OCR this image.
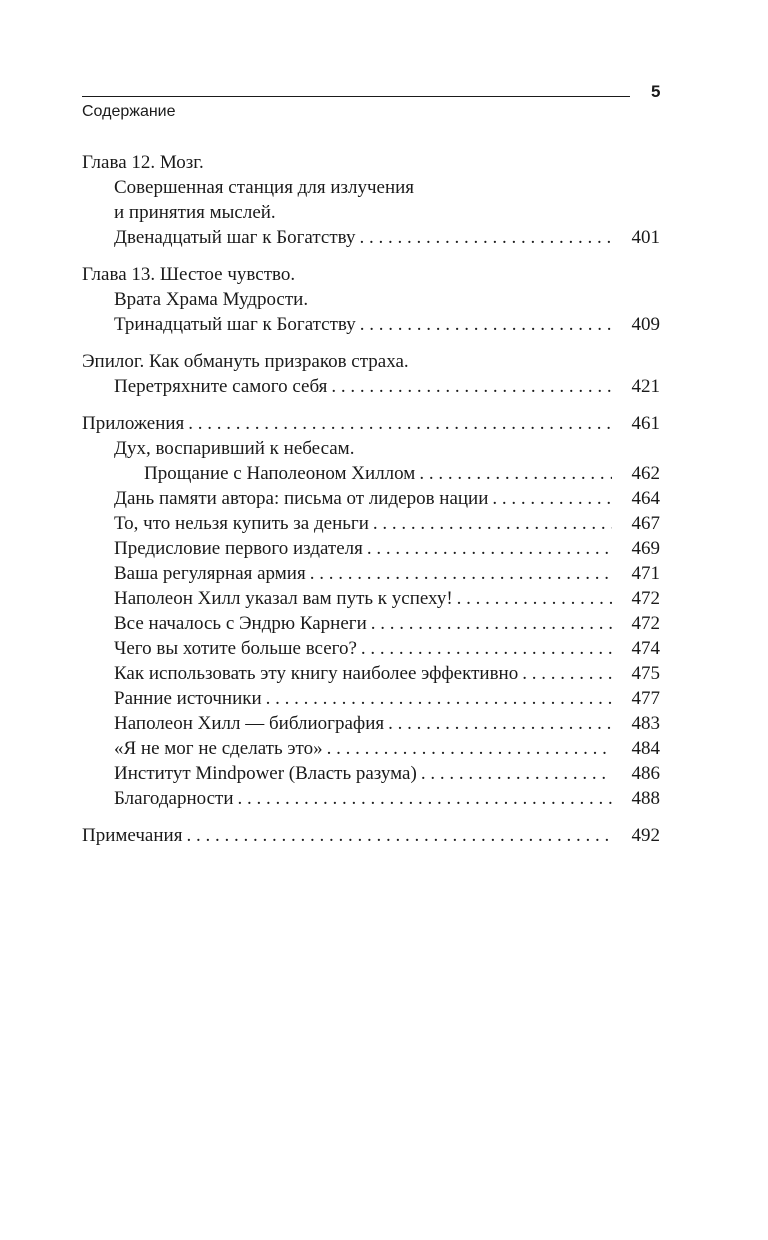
5
Содержание
Глава 12. Мозг.
Совершенная станция для излучения
и принятия мыслей.
Двенадцатый шаг к Богатству . . .	401
Глава 13. Шестое чувство.
Врата Храма Мудрости.
Тринадцатый шаг к Богатству . . .	409
Эпилог. Как обмануть призраков страха.
Перетряхните самого себя . . .	421
Приложения . . .	461
Дух, воспаривший к небесам.
Прощание с Наполеоном Хиллом . . .	462
Дань памяти автора: письма от лидеров нации . . .	464
То, что нельзя купить за деньги . . .	467
Предисловие первого издателя . . .	469
Ваша регулярная армия . . .	471
Наполеон Хилл указал вам путь к успеху! . . .	472
Все началось с Эндрю Карнеги . . .	472
Чего вы хотите больше всего? . . .	474
Как использовать эту книгу наиболее эффективно . . .	475
Ранние источники . . .	477
Наполеон Хилл — библиография . . .	483
«Я не мог не сделать это» . . .	484
Институт Mindpower (Власть разума) . . .	486
Благодарности . . .	488
Примечания . . .	492
